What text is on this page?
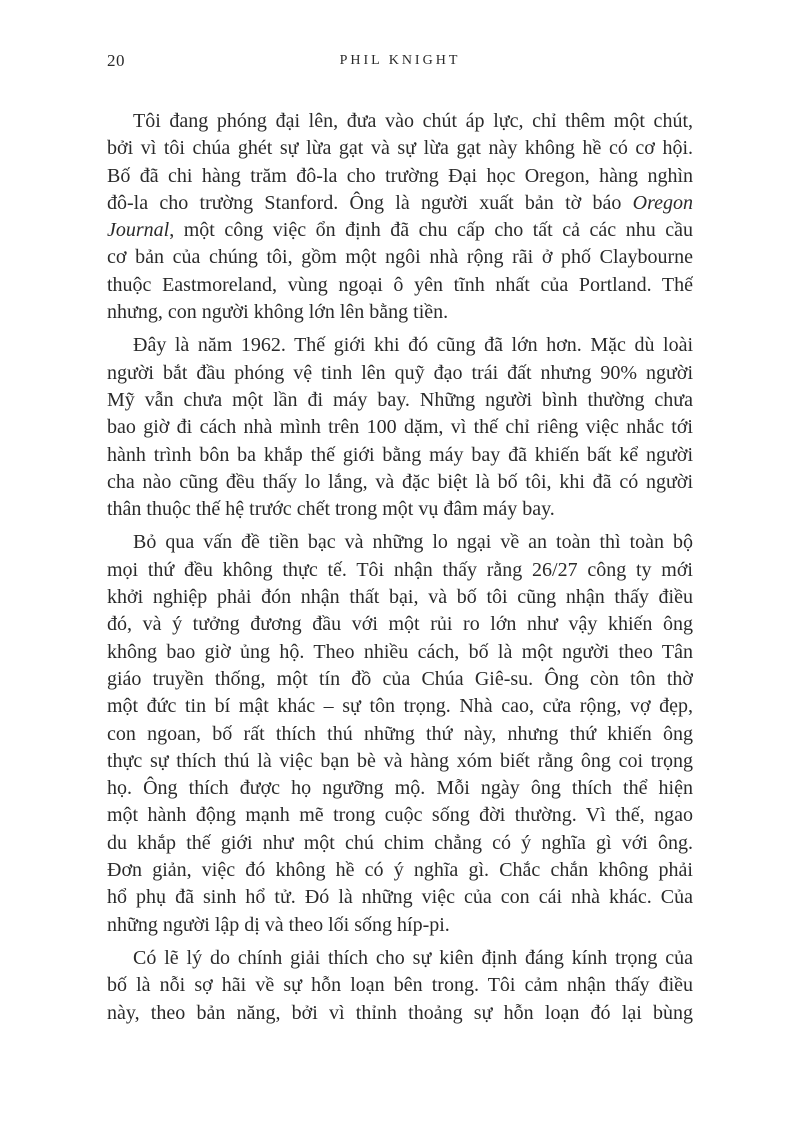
20	PHIL KNIGHT
Tôi đang phóng đại lên, đưa vào chút áp lực, chỉ thêm một chút,
bởi vì tôi chúa ghét sự lừa gạt và sự lừa gạt này không hề có cơ hội.
Bố đã chi hàng trăm đô-la cho trường Đại học Oregon, hàng nghìn
đô-la cho trường Stanford. Ông là người xuất bản tờ báo Oregon
Journal, một công việc ổn định đã chu cấp cho tất cả các nhu cầu
cơ bản của chúng tôi, gồm một ngôi nhà rộng rãi ở phố Claybourne
thuộc Eastmoreland, vùng ngoại ô yên tĩnh nhất của Portland. Thế
nhưng, con người không lớn lên bằng tiền.
Đây là năm 1962. Thế giới khi đó cũng đã lớn hơn. Mặc dù loài
người bắt đầu phóng vệ tinh lên quỹ đạo trái đất nhưng 90% người
Mỹ vẫn chưa một lần đi máy bay. Những người bình thường chưa
bao giờ đi cách nhà mình trên 100 dặm, vì thế chỉ riêng việc nhắc tới
hành trình bôn ba khắp thế giới bằng máy bay đã khiến bất kể người
cha nào cũng đều thấy lo lắng, và đặc biệt là bố tôi, khi đã có người
thân thuộc thế hệ trước chết trong một vụ đâm máy bay.
Bỏ qua vấn đề tiền bạc và những lo ngại về an toàn thì toàn bộ
mọi thứ đều không thực tế. Tôi nhận thấy rằng 26/27 công ty mới
khởi nghiệp phải đón nhận thất bại, và bố tôi cũng nhận thấy điều
đó, và ý tưởng đương đầu với một rủi ro lớn như vậy khiến ông
không bao giờ ủng hộ. Theo nhiều cách, bố là một người theo Tân
giáo truyền thống, một tín đồ của Chúa Giê-su. Ông còn tôn thờ
một đức tin bí mật khác – sự tôn trọng. Nhà cao, cửa rộng, vợ đẹp,
con ngoan, bố rất thích thú những thứ này, nhưng thứ khiến ông
thực sự thích thú là việc bạn bè và hàng xóm biết rằng ông coi trọng
họ. Ông thích được họ ngưỡng mộ. Mỗi ngày ông thích thể hiện
một hành động mạnh mẽ trong cuộc sống đời thường. Vì thế, ngao
du khắp thế giới như một chú chim chẳng có ý nghĩa gì với ông.
Đơn giản, việc đó không hề có ý nghĩa gì. Chắc chắn không phải
hổ phụ đã sinh hổ tử. Đó là những việc của con cái nhà khác. Của
những người lập dị và theo lối sống híp-pi.
Có lẽ lý do chính giải thích cho sự kiên định đáng kính trọng của
bố là nỗi sợ hãi về sự hỗn loạn bên trong. Tôi cảm nhận thấy điều
này, theo bản năng, bởi vì thỉnh thoảng sự hỗn loạn đó lại bùng
